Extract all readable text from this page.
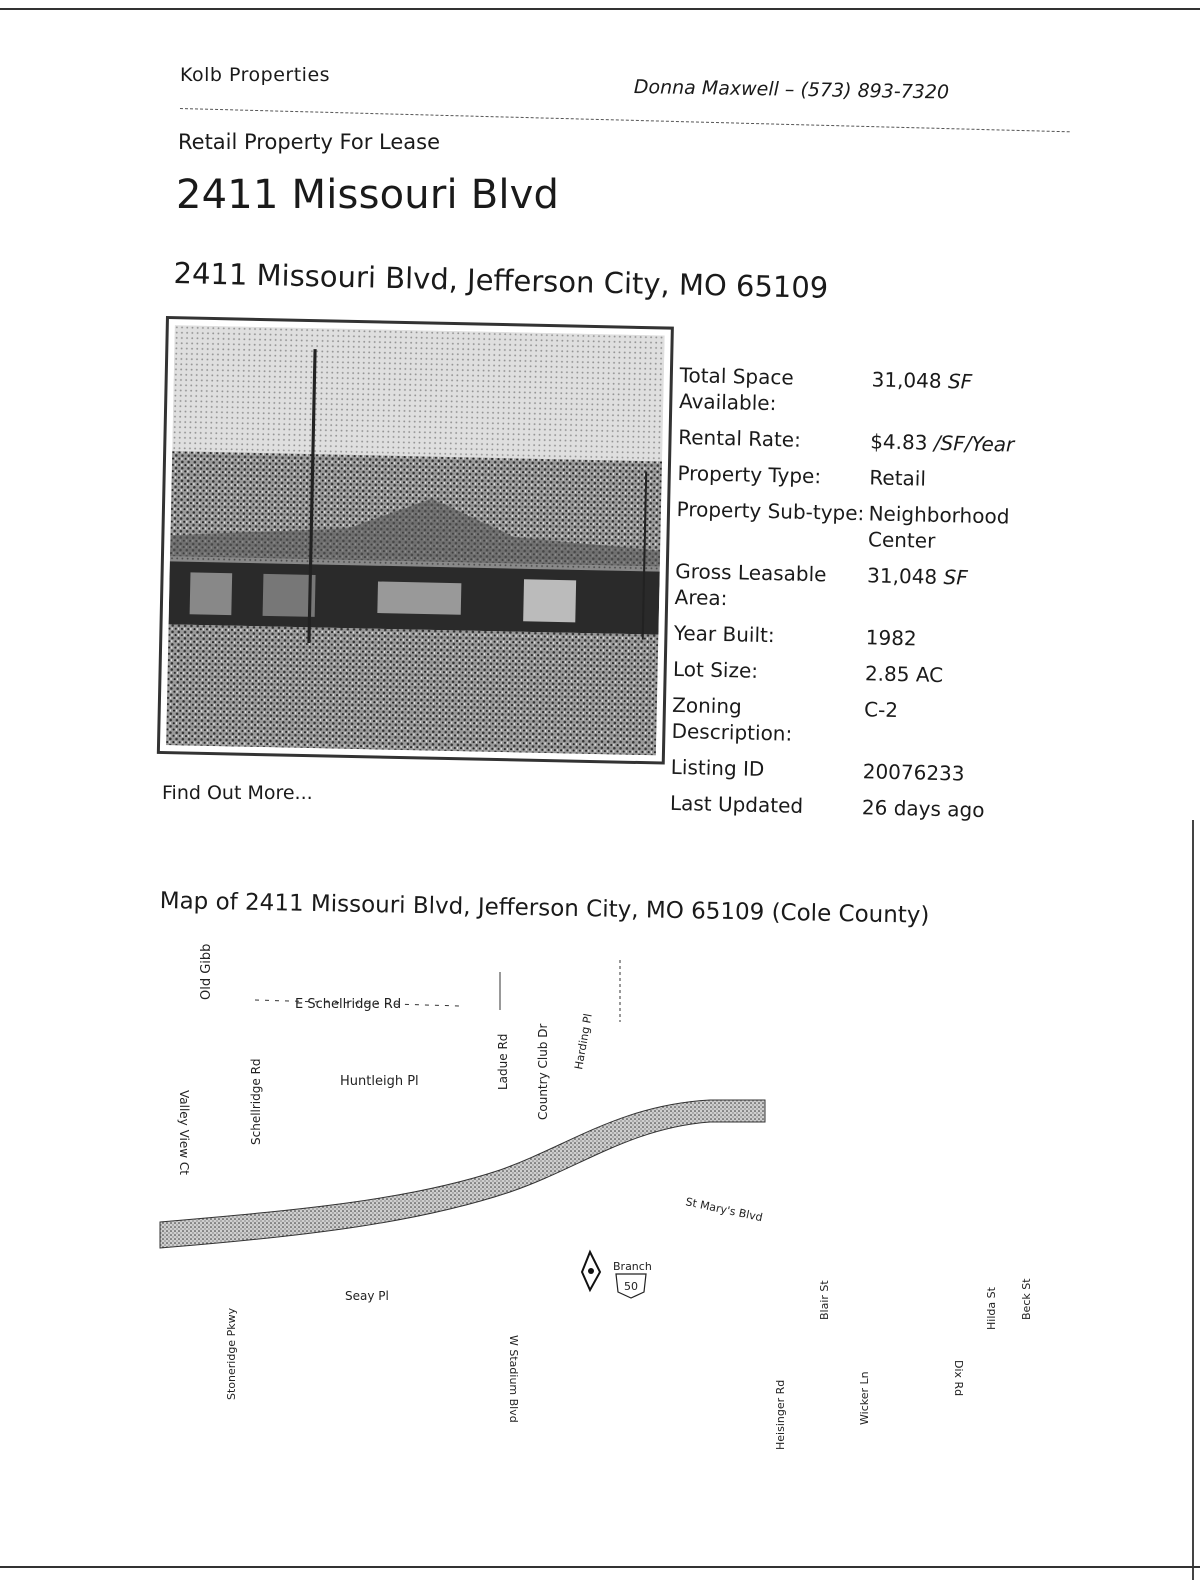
Kolb Properties
Donna Maxwell – (573) 893-7320
Retail Property For Lease
2411 Missouri Blvd
2411 Missouri Blvd, Jefferson City, MO 65109
Find Out More...
Total Space Available:
31,048 SF
Rental Rate:	$4.83 /SF/Year
Property Type:	Retail
Property Sub-type: Neighborhood Center
Gross Leasable Area:
31,048 SF
Year Built:	1982
Lot Size:	2.85 AC
Zoning Description:
C-2
Listing ID	20076233
Last Updated	26 days ago
Map of 2411 Missouri Blvd, Jefferson City, MO 65109 (Cole County)
Old Gibb
E Schellridge Rd
Schellridge Rd	Huntleigh Pl	Ladue Rd Country Club Dr Harding Pl
Valley View Ct
St Mary's Blvd
Seay Pl
Stoneridge Pkwy	W Stadium Blvd	Heisinger Rd
Blair St
Wicker Ln	Dix Rd
Hilda St Beck St
Branch
50
